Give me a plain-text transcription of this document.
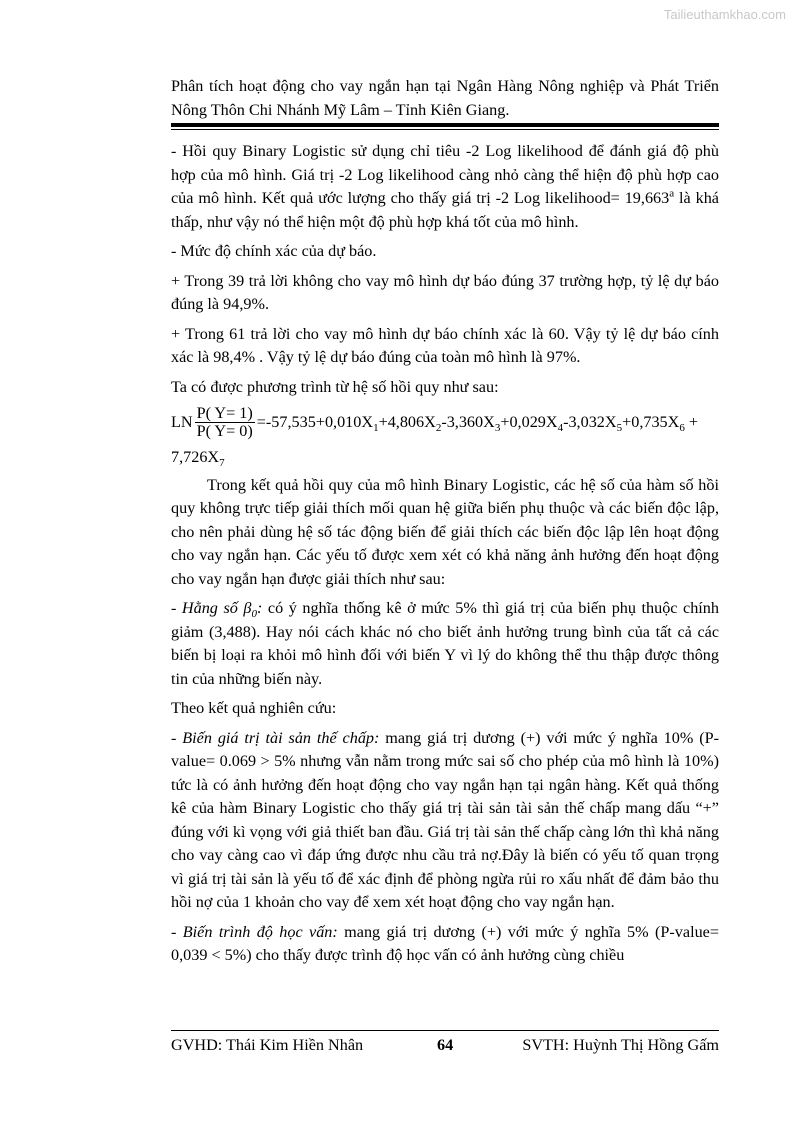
Tailieuthamkhao.com
Phân tích hoạt động cho vay ngắn hạn tại Ngân Hàng Nông nghiệp và Phát Triển Nông Thôn Chi Nhánh Mỹ Lâm – Tỉnh Kiên Giang.

- Hồi quy Binary Logistic sử dụng chỉ tiêu -2 Log likelihood để đánh giá độ phù hợp của mô hình. Giá trị -2 Log likelihood càng nhỏ càng thể hiện độ phù hợp cao của mô hình. Kết quả ước lượng cho thấy giá trị -2 Log likelihood= 19,663$^a$ là khá thấp, như vậy nó thể hiện một độ phù hợp khá tốt của mô hình.

- Mức độ chính xác của dự báo.

+ Trong 39 trả lời không cho vay mô hình dự báo đúng 37 trường hợp, tỷ lệ dự báo đúng là 94,9%.

+ Trong 61 trả lời cho vay mô hình dự báo chính xác là 60. Vậy tỷ lệ dự báo cính xác là 98,4% . Vậy tỷ lệ dự báo đúng của toàn mô hình là 97%.

Ta có được phương trình từ hệ số hồi quy như sau:

LN $\frac{P( Y= 1)}{P( Y= 0)} =-57,535+0,010X_1+4,806X_2-3,360X_3+0,029X_4-3,032X_5+0,735X_6$ +
$7,726X_7$

Trong kết quả hồi quy của mô hình Binary Logistic, các hệ số của hàm số hồi quy không trực tiếp giải thích mối quan hệ giữa biến phụ thuộc và các biến độc lập, cho nên phải dùng hệ số tác động biến để giải thích các biến độc lập lên hoạt động cho vay ngắn hạn. Các yếu tố được xem xét có khả năng ảnh hưởng đến hoạt động cho vay ngắn hạn được giải thích như sau:

- Hằng số $\beta_0$: có ý nghĩa thống kê ở mức 5% thì giá trị của biến phụ thuộc chính giảm (3,488). Hay nói cách khác nó cho biết ảnh hưởng trung bình của tất cả các biến bị loại ra khỏi mô hình đối với biến Y vì lý do không thể thu thập được thông tin của những biến này.

Theo kết quả nghiên cứu:

- Biến giá trị tài sản thế chấp: mang giá trị dương (+) với mức ý nghĩa 10% (P-value= 0.069 > 5% nhưng vẫn nằm trong mức sai số cho phép của mô hình là 10%) tức là có ảnh hưởng đến hoạt động cho vay ngắn hạn tại ngân hàng. Kết quả thống kê của hàm Binary Logistic cho thấy giá trị tài sản tài sản thế chấp mang dấu “+” đúng với kì vọng với giả thiết ban đầu. Giá trị tài sản thế chấp càng lớn thì khả năng cho vay càng cao vì đáp ứng được nhu cầu trả nợ.Đây là biến có yếu tố quan trọng vì giá trị tài sản là yếu tố để xác định để phòng ngừa rủi ro xấu nhất để đảm bảo thu hồi nợ của 1 khoản cho vay để xem xét hoạt động cho vay ngắn hạn.

- Biến trình độ học vấn: mang giá trị dương (+) với mức ý nghĩa 5% (P-value= 0,039 < 5%) cho thấy được trình độ học vấn có ảnh hưởng cùng chiều

GVHD: Thái Kim Hiền Nhân	64	SVTH: Huỳnh Thị Hồng Gấm
